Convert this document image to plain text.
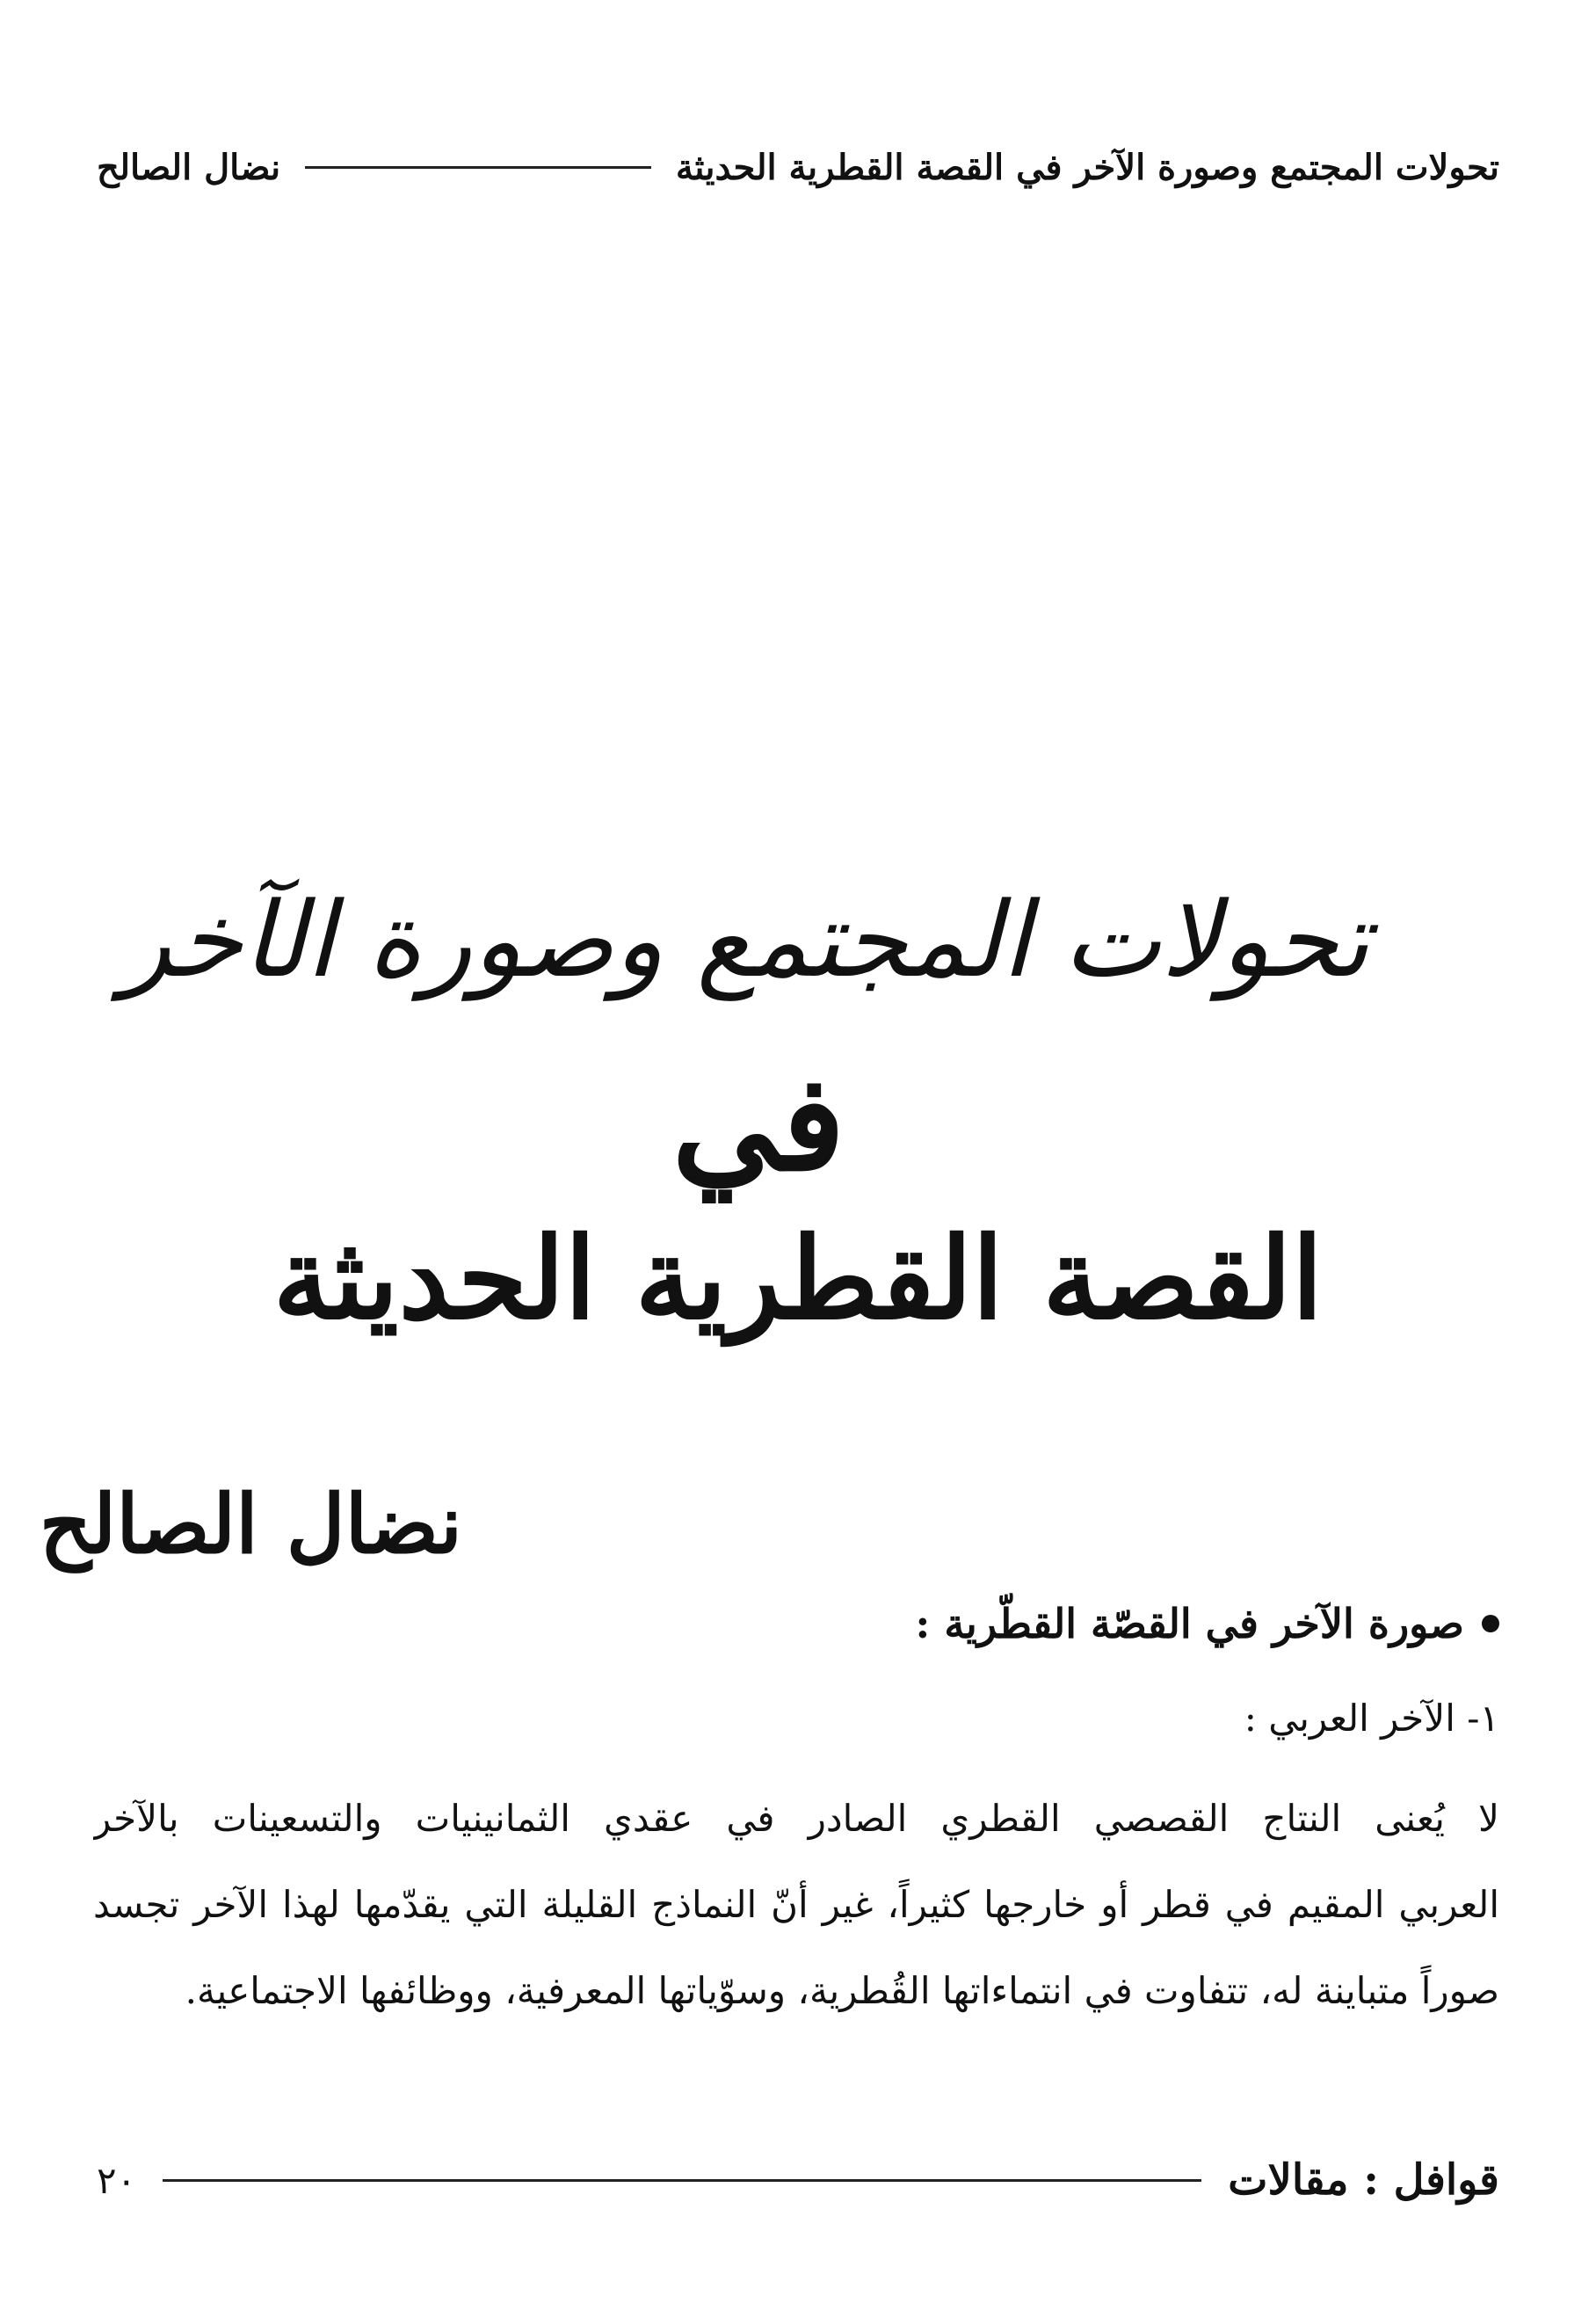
تحولات المجتمع وصورة الآخر في القصة القطرية الحديثة
نضال الصالح
تحولات المجتمع وصورة الآخر
في
القصة القطرية الحديثة
نضال الصالح
صورة الآخر في القصّة القطّرية :
١- الآخر العربي :
لا يُعنى النتاج القصصي القطري الصادر في عقدي الثمانينيات والتسعينات بالآخر
العربي المقيم في قطر أو خارجها كثيراً، غير أنّ النماذج القليلة التي يقدّمها لهذا الآخر تجسد
صوراً متباينة له، تتفاوت في انتماءاتها القُطرية، وسوّياتها المعرفية، ووظائفها الاجتماعية.
قوافل : مقالات
٢٠
